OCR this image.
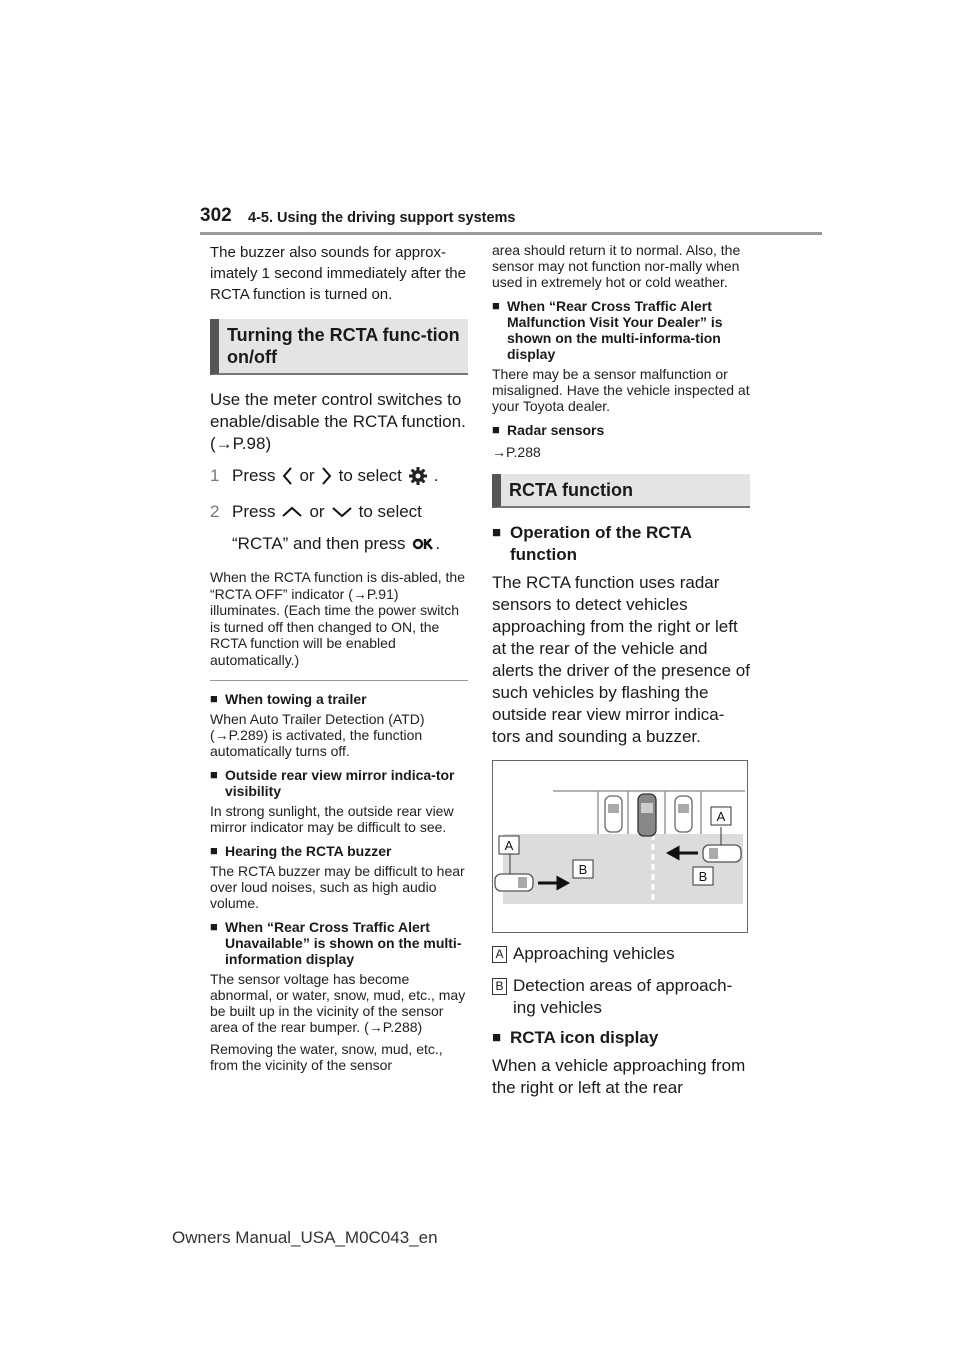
302 4-5. Using the driving support systems

The buzzer also sounds for approx-imately 1 second immediately after the RCTA function is turned on.

Turning the RCTA func-tion on/off

Use the meter control switches to enable/disable the RCTA function. (→P.98)

1 Press or to select .
2 Press or to select
“RCTA” and then press .

When the RCTA function is dis-abled, the “RCTA OFF” indicator (→P.91) illuminates. (Each time the power switch is turned off then changed to ON, the RCTA function will be enabled automatically.)

■ When towing a trailer

When Auto Trailer Detection (ATD) (→P.289) is activated, the function automatically turns off.

■ Outside rear view mirror indica-tor visibility

In strong sunlight, the outside rear view mirror indicator may be difficult to see.

■ Hearing the RCTA buzzer

The RCTA buzzer may be difficult to hear over loud noises, such as high audio volume.

■ When “Rear Cross Traffic Alert Unavailable” is shown on the multi-information display

The sensor voltage has become abnormal, or water, snow, mud, etc., may be built up in the vicinity of the sensor area of the rear bumper. (→P.288)

Removing the water, snow, mud, etc., from the vicinity of the sensor

area should return it to normal. Also, the sensor may not function nor-mally when used in extremely hot or cold weather.

■ When “Rear Cross Traffic Alert Malfunction Visit Your Dealer” is shown on the multi-informa-tion display

There may be a sensor malfunction or misaligned. Have the vehicle inspected at your Toyota dealer.

■ Radar sensors

→P.288

RCTA function
■ Operation of the RCTA function

The RCTA function uses radar sensors to detect vehicles approaching from the right or left at the rear of the vehicle and alerts the driver of the presence of such vehicles by flashing the outside rear view mirror indica-tors and sounding a buzzer.

A
A
B	B
A Approaching vehicles
B Detection areas of approach-ing vehicles
■ RCTA icon display

When a vehicle approaching from the right or left at the rear

Owners Manual_USA_M0C043_en
